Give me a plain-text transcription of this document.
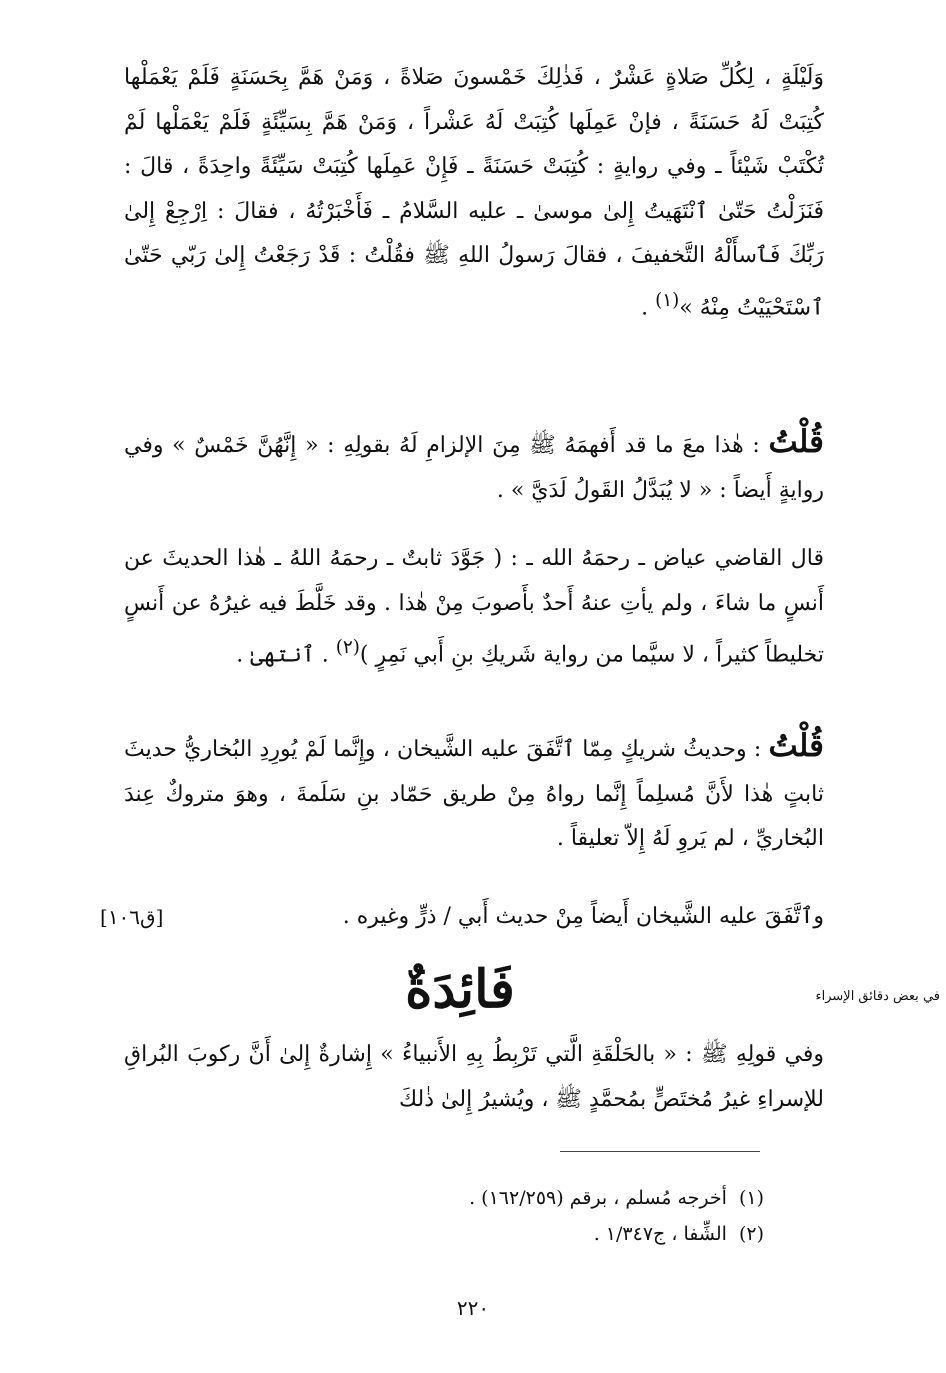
وَلَيْلَةٍ ، لِكُلِّ صَلاةٍ عَشْرٌ ، فَذٰلِكَ خَمْسونَ صَلاةً ، وَمَنْ هَمَّ بِحَسَنَةٍ فَلَمْ يَعْمَلْها كُتِبَتْ لَهُ حَسَنَةً ، فإنْ عَمِلَها كُتِبَتْ لَهُ عَشْراً ، وَمَنْ هَمَّ بِسَيِّئَةٍ فَلَمْ يَعْمَلْها لَمْ تُكْتَبْ شَيْئاً ـ وفي روايةٍ : كُتِبَتْ حَسَنَةً ـ فَإِنْ عَمِلَها كُتِبَتْ سَيِّئَةً واحِدَةً ، قالَ : فَنَزَلْتُ حَتّىٰ ٱنْتَهَيتُ إِلىٰ موسىٰ ـ عليه السَّلامُ ـ فَأَخْبَرْتُهُ ، فقالَ : اِرْجِعْ إِلىٰ رَبِّكَ فَٱسأَلْهُ التَّخفيفَ ، فقالَ رَسولُ اللهِ ﷺ فقُلْتُ : قَدْ رَجَعْتُ إِلىٰ رَبّي حَتّىٰ ٱسْتَحْيَيْتُ مِنْهُ »$^{(١)}$ .
قُلْتُ : هٰذا معَ ما قد أَفهمَهُ ﷺ مِنَ الإلزامِ لَهُ بقولِهِ : « إِنَّهُنَّ خَمْسٌ » وفي روايةٍ أَيضاً : « لا يُبَدَّلُ القَولُ لَدَيَّ » .
قال القاضي عياض ـ رحمَهُ الله ـ : ( جَوَّدَ ثابتٌ ـ رحمَهُ اللهُ ـ هٰذا الحديثَ عن أَنسٍ ما شاءَ ، ولم يأتِ عنهُ أَحدٌ بأَصوبَ مِنْ هٰذا . وقد خَلَّطَ فيه غيرُهُ عن أَنسٍ تخليطاً كثيراً ، لا سيَّما من رواية شَريكِ بنِ أَبي نَمِرٍ )$^{(٢)}$ . ٱنتهىٰ .
قُلْتُ : وحديثُ شريكٍ مِمّا ٱتَّفَقَ عليه الشَّيخان ، وإِنَّما لَمْ يُورِدِ البُخاريُّ حديثَ ثابتٍ هٰذا لأَنَّ مُسلِماً إِنَّما رواهُ مِنْ طريق حَمّاد بنِ سَلَمةَ ، وهوَ متروكٌ عِندَ البُخاريِّ ، لم يَروِ لَهُ إِلاّ تعليقاً .
وٱتَّفَقَ عليه الشَّيخان أَيضاً مِنْ حديث أَبي / ذرٍّ وغيره .
[ق١٠٦]
فَائِدَةٌ	في بعض دقائق الإسراء
وفي قولِهِ ﷺ : « بالحَلْقَةِ الَّتي تَرْبِطُ بِهِ الأَنبياءُ » إِشارةٌ إِلىٰ أَنَّ ركوبَ البُراقِ للإسراءِ غيرُ مُختَصٍّ بمُحمَّدٍ ﷺ ، ويُشيرُ إِلىٰ ذٰلكَ
(١)
أخرجه مُسلم ، برقم (١٦٢/٢٥٩) .
(٢)
الشِّفا ، ج١/٣٤٧ .
٢٢٠
